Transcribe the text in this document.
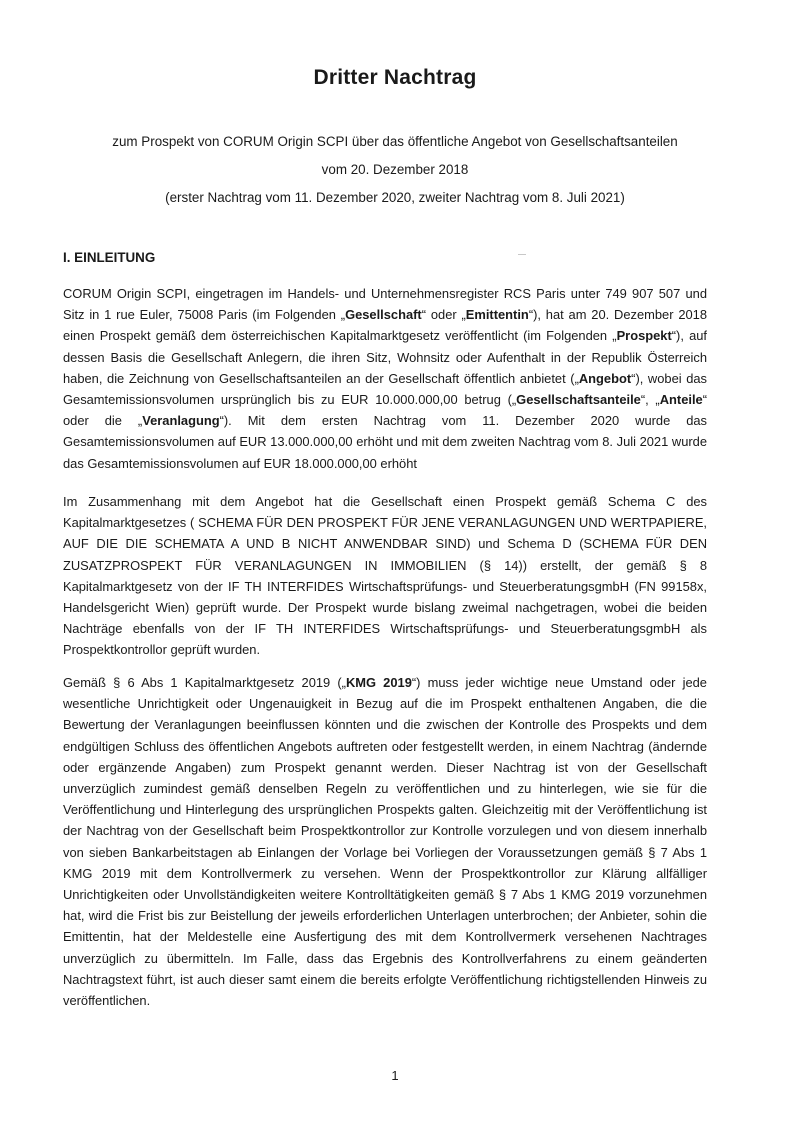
Dritter Nachtrag
zum Prospekt von CORUM Origin SCPI über das öffentliche Angebot von Gesellschaftsanteilen
vom 20. Dezember 2018
(erster Nachtrag vom 11. Dezember 2020, zweiter Nachtrag vom 8. Juli 2021)
I. EINLEITUNG
CORUM Origin SCPI, eingetragen im Handels- und Unternehmensregister RCS Paris unter 749 907 507 und Sitz in 1 rue Euler, 75008 Paris (im Folgenden „Gesellschaft“ oder „Emittentin“), hat am 20. Dezember 2018 einen Prospekt gemäß dem österreichischen Kapitalmarktgesetz veröffentlicht (im Folgenden „Prospekt“), auf dessen Basis die Gesellschaft Anlegern, die ihren Sitz, Wohnsitz oder Aufenthalt in der Republik Österreich haben, die Zeichnung von Gesellschaftsanteilen an der Gesellschaft öffentlich anbietet („Angebot“), wobei das Gesamtemissionsvolumen ursprünglich bis zu EUR 10.000.000,00 betrug („Gesellschaftsanteile“, „Anteile“ oder die „Veranlagung“). Mit dem ersten Nachtrag vom 11. Dezember 2020 wurde das Gesamtemissionsvolumen auf EUR 13.000.000,00 erhöht und mit dem zweiten Nachtrag vom 8. Juli 2021 wurde das Gesamtemissionsvolumen auf EUR 18.000.000,00 erhöht
Im Zusammenhang mit dem Angebot hat die Gesellschaft einen Prospekt gemäß Schema C des Kapitalmarktgesetzes ( SCHEMA FÜR DEN PROSPEKT FÜR JENE VERANLAGUNGEN UND WERTPAPIERE, AUF DIE DIE SCHEMATA A UND B NICHT ANWENDBAR SIND) und Schema D (SCHEMA FÜR DEN ZUSATZPROSPEKT FÜR VERANLAGUNGEN IN IMMOBILIEN (§ 14)) erstellt, der gemäß § 8 Kapitalmarktgesetz von der IF TH INTERFIDES Wirtschaftsprüfungs- und SteuerberatungsgmbH (FN 99158x, Handelsgericht Wien) geprüft wurde. Der Prospekt wurde bislang zweimal nachgetragen, wobei die beiden Nachträge ebenfalls von der IF TH INTERFIDES Wirtschaftsprüfungs- und SteuerberatungsgmbH als Prospektkontrollor geprüft wurden.
Gemäß § 6 Abs 1 Kapitalmarktgesetz 2019 („KMG 2019“) muss jeder wichtige neue Umstand oder jede wesentliche Unrichtigkeit oder Ungenauigkeit in Bezug auf die im Prospekt enthaltenen Angaben, die die Bewertung der Veranlagungen beeinflussen könnten und die zwischen der Kontrolle des Prospekts und dem endgültigen Schluss des öffentlichen Angebots auftreten oder festgestellt werden, in einem Nachtrag (ändernde oder ergänzende Angaben) zum Prospekt genannt werden. Dieser Nachtrag ist von der Gesellschaft unverzüglich zumindest gemäß denselben Regeln zu veröffentlichen und zu hinterlegen, wie sie für die Veröffentlichung und Hinterlegung des ursprünglichen Prospekts galten. Gleichzeitig mit der Veröffentlichung ist der Nachtrag von der Gesellschaft beim Prospektkontrollor zur Kontrolle vorzulegen und von diesem innerhalb von sieben Bankarbeitstagen ab Einlangen der Vorlage bei Vorliegen der Voraussetzungen gemäß § 7 Abs 1 KMG 2019 mit dem Kontrollvermerk zu versehen. Wenn der Prospektkontrollor zur Klärung allfälliger Unrichtigkeiten oder Unvollständigkeiten weitere Kontrolltätigkeiten gemäß § 7 Abs 1 KMG 2019 vorzunehmen hat, wird die Frist bis zur Beistellung der jeweils erforderlichen Unterlagen unterbrochen; der Anbieter, sohin die Emittentin, hat der Meldestelle eine Ausfertigung des mit dem Kontrollvermerk versehenen Nachtrages unverzüglich zu übermitteln. Im Falle, dass das Ergebnis des Kontrollverfahrens zu einem geänderten Nachtragstext führt, ist auch dieser samt einem die bereits erfolgte Veröffentlichung richtigstellenden Hinweis zu veröffentlichen.
1
